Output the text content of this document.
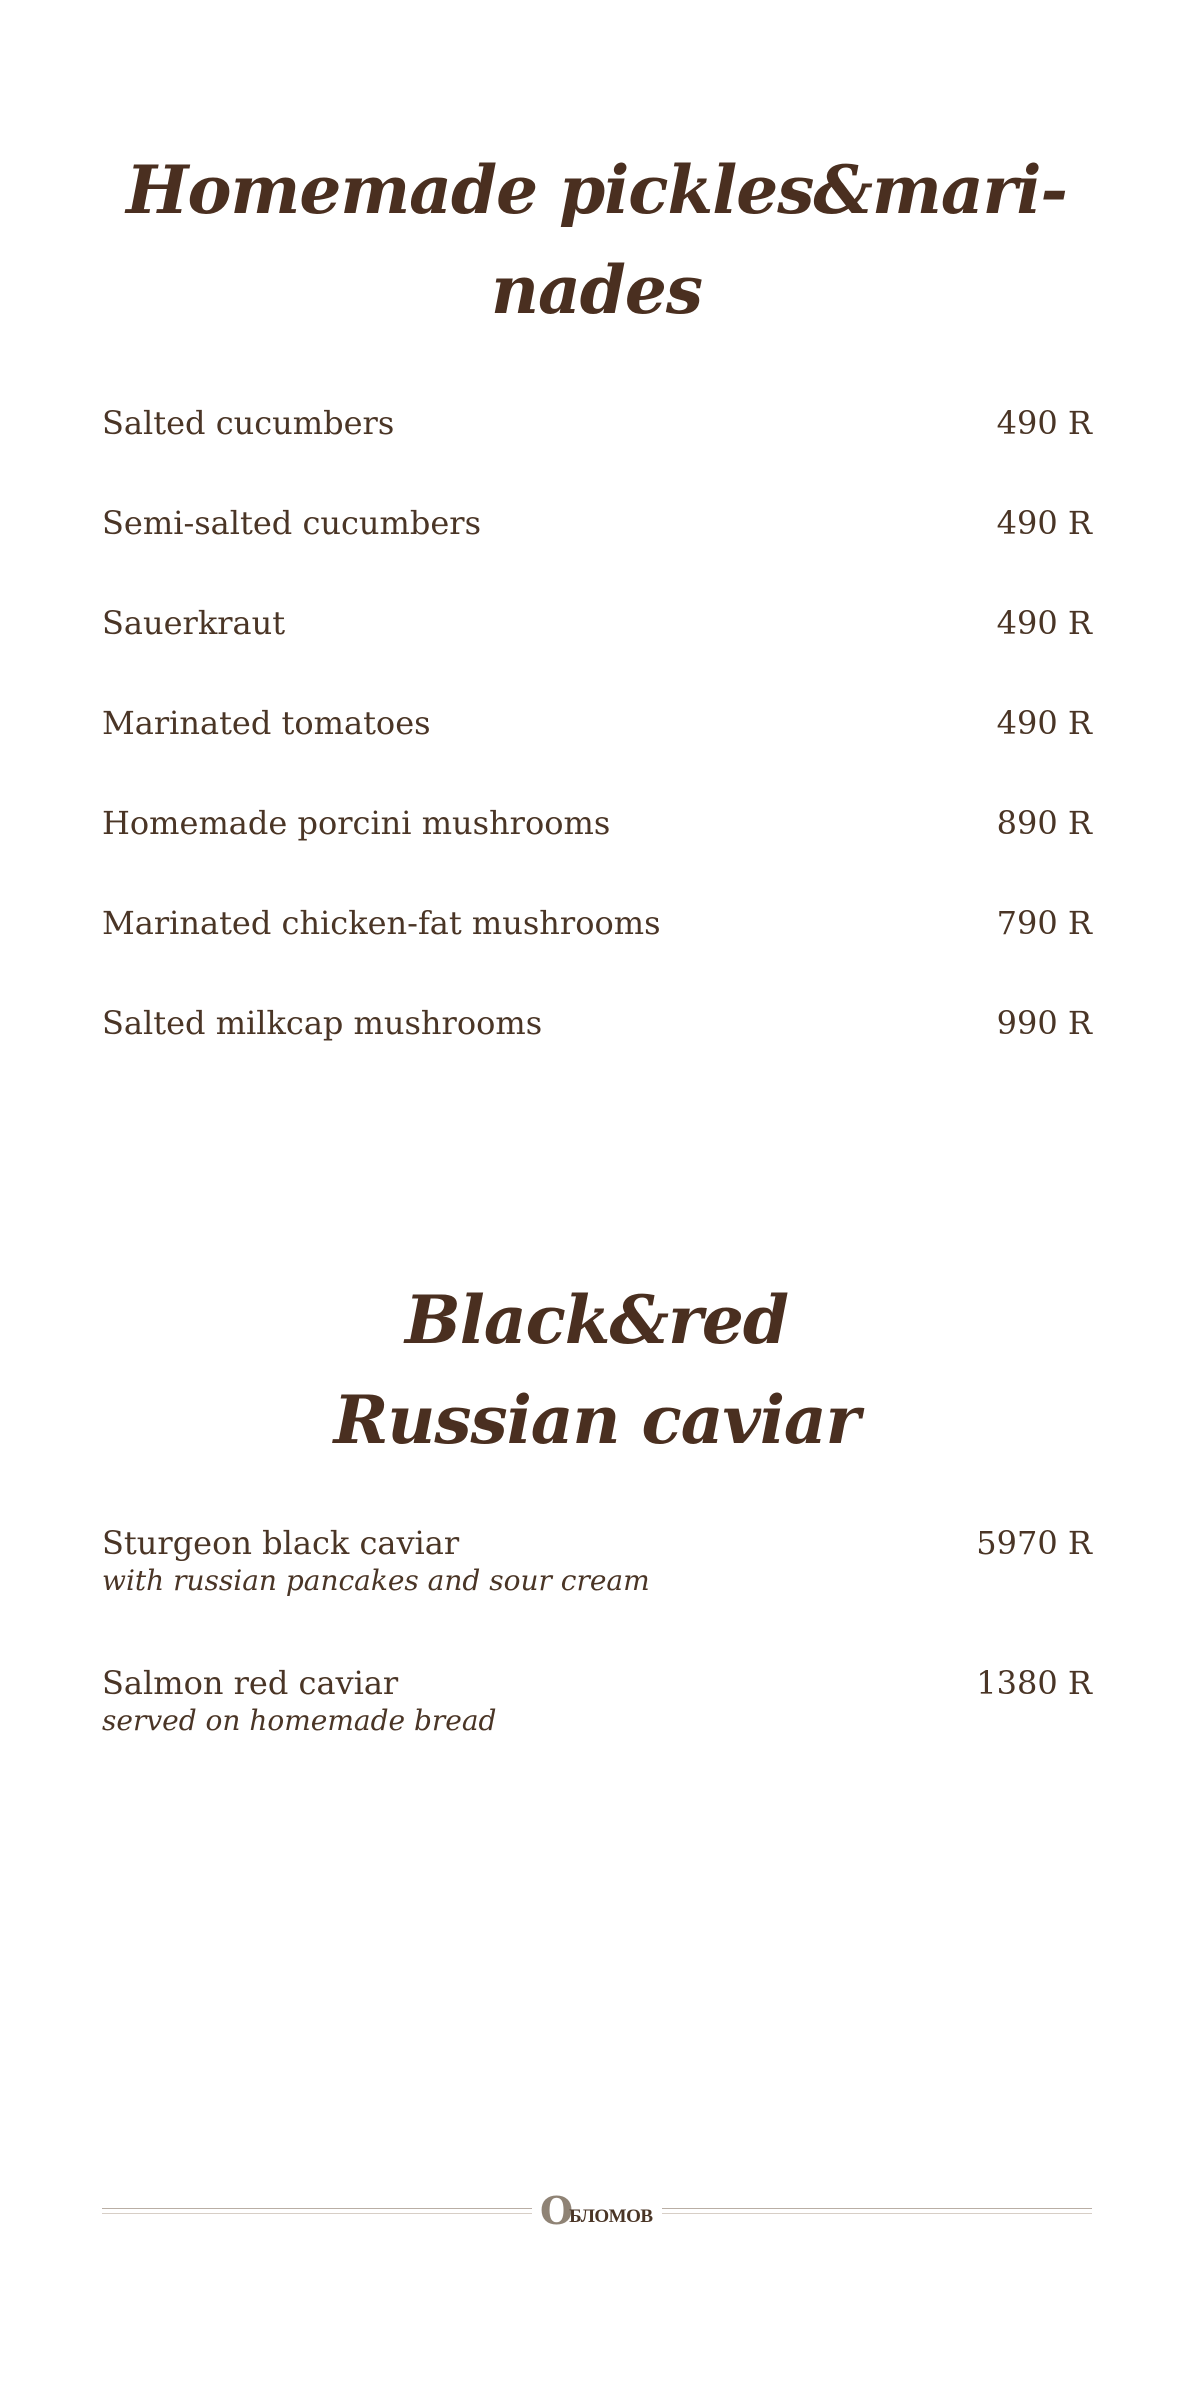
Homemade pickles&mari-
nades
Salted cucumbers	490 R
Semi-salted cucumbers	490 R
Sauerkraut	490 R
Marinated tomatoes	490 R
Homemade porcini mushrooms	890 R
Marinated chicken-fat mushrooms	790 R
Salted milkcap mushrooms	990 R
Black&red
Russian caviar
Sturgeon black caviar	5970 R
with russian pancakes and sour cream
Salmon red caviar	1380 R
served on homemade bread
О
БЛОМОВ
